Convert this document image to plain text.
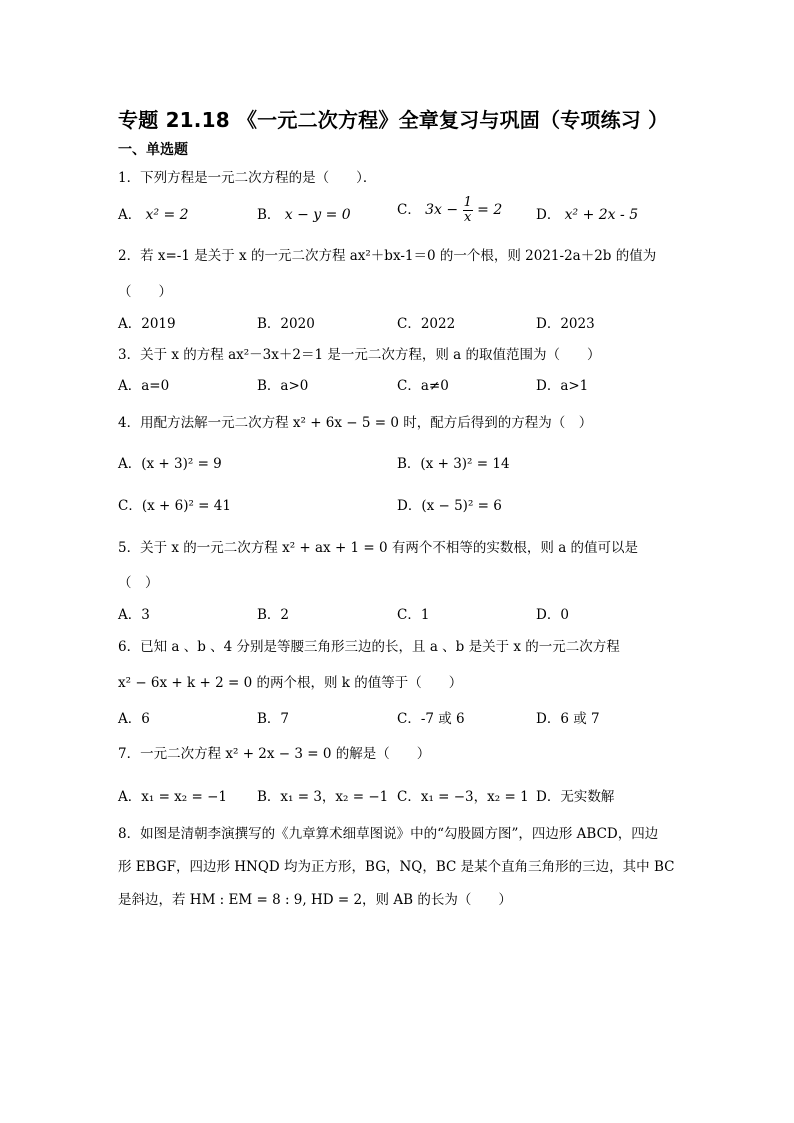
专题 21.18 《一元二次方程》全章复习与巩固（专项练习 ）
一、单选题
1．下列方程是一元二次方程的是（　　）．
A． x² = 2	B． x − y = 0	C． $3x - \frac{1}{x} = 2$	D． x² + 2x - 5
2．若 x=-1 是关于 x 的一元二次方程 ax²＋bx-1＝0 的一个根，则 2021-2a＋2b 的值为
（　　）
A．2019	B．2020	C．2022	D．2023
3．关于 x 的方程 ax²－3x＋2＝1 是一元二次方程，则 a 的取值范围为（　　）
A．a=0	B．a>0	C．a≠0	D．a>1
4．用配方法解一元二次方程 x² + 6x − 5 = 0 时，配方后得到的方程为（　）
A．(x + 3)² = 9	B．(x + 3)² = 14
C．(x + 6)² = 41	D．(x − 5)² = 6
5．关于 x 的一元二次方程 x² + ax + 1 = 0 有两个不相等的实数根，则 a 的值可以是
（　）
A．3	B．2	C．1	D．0
6．已知 a 、b 、4 分别是等腰三角形三边的长，且 a 、b 是关于 x 的一元二次方程
x² − 6x + k + 2 = 0 的两个根，则 k 的值等于（　　）
A．6	B．7	C．-7 或 6	D．6 或 7
7．一元二次方程 x² + 2x − 3 = 0 的解是（　　）
A．x₁ = x₂ = −1 B．x₁ = 3，x₂ = −1 C．x₁ = −3，x₂ = 1 D．无实数解
8．如图是清朝李演撰写的《九章算术细草图说》中的“勾股圆方图”，四边形 ABCD，四边
形 EBGF，四边形 HNQD 均为正方形，BG，NQ，BC 是某个直角三角形的三边，其中 BC
是斜边，若 HM : EM = 8 : 9, HD = 2，则 AB 的长为（　　）
